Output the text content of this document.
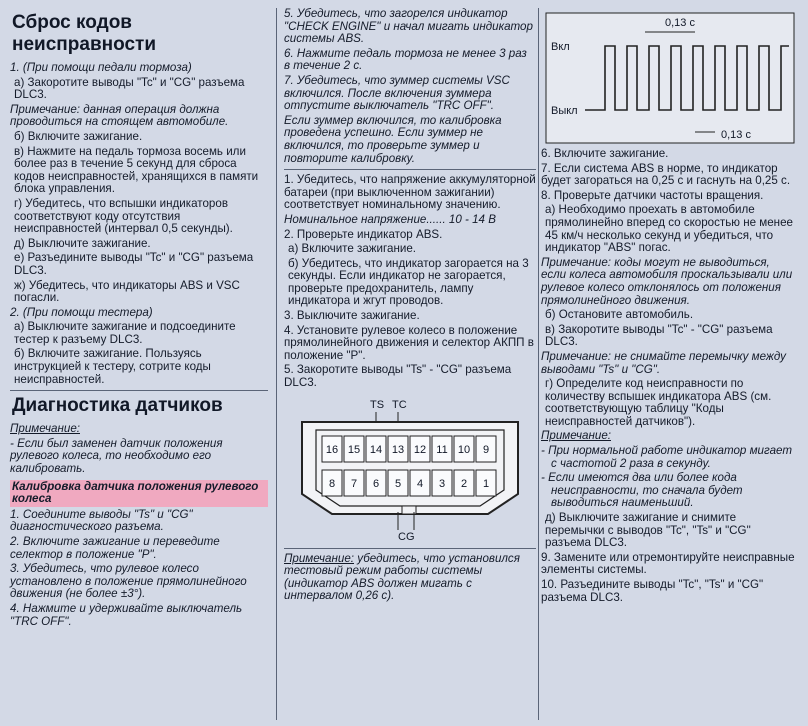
Сброс кодов неисправности

1. (При помощи педали тормоза)

а) Закоротите выводы "Tc" и "CG" разъема DLC3.

Примечание: данная операция должна проводиться на стоящем автомобиле.

б) Включите зажигание.

в) Нажмите на педаль тормоза восемь или более раз в течение 5 секунд для сброса кодов неисправностей, хранящихся в памяти блока управления.

г) Убедитесь, что вспышки индикаторов соответствуют коду отсутствия неисправностей (интервал 0,5 секунды).

д) Выключите зажигание.

е) Разъедините выводы "Tc" и "CG" разъема DLC3.

ж) Убедитесь, что индикаторы ABS и VSC погасли.

2. (При помощи тестера)

а) Выключите зажигание и подсоедините тестер к разъему DLC3.

б) Включите зажигание. Пользуясь инструкцией к тестеру, сотрите коды неисправностей.

Диагностика датчиков

Примечание:

- Если был заменен датчик положения рулевого колеса, то необходимо его калибровать.

Калибровка датчика положения рулевого колеса

1. Соедините выводы "Ts" и "CG" диагностического разъема.

2. Включите зажигание и переведите селектор в положение "P".

3. Убедитесь, что рулевое колесо установлено в положение прямолинейного движения (не более ±3°).

4. Нажмите и удерживайте выключатель "TRC OFF".

5. Убедитесь, что загорелся индикатор "CHECK ENGINE" и начал мигать индикатор системы ABS.

6. Нажмите педаль тормоза не менее 3 раз в течение 2 с.

7. Убедитесь, что зуммер системы VSC включился. После включения зуммера отпустите выключатель "TRC OFF".

Если зуммер включился, то калибровка проведена успешно. Если зуммер не включился, то проверьте зуммер и повторите калибровку.

1. Убедитесь, что напряжение аккумуляторной батареи (при выключенном зажигании) соответствует номинальному значению.

Номинальное напряжение...... 10 - 14 В

2. Проверьте индикатор ABS.

а) Включите зажигание.

б) Убедитесь, что индикатор загорается на 3 секунды. Если индикатор не загорается, проверьте предохранитель, лампу индикатора и жгут проводов.

3. Выключите зажигание.

4. Установите рулевое колесо в положение прямолинейного движения и селектор АКПП в положение "P".

5. Закоротите выводы "Ts" - "CG" разъема DLC3.

TS TC
16 15 14 13 12 11 10 9
8 7 6 5 4 3 2 1
CG

Примечание: убедитесь, что установился тестовый режим работы системы (индикатор ABS должен мигать с интервалом 0,26 с).

Вкл
Выкл
0,13 с
0,13 с

6. Включите зажигание.

7. Если система ABS в норме, то индикатор будет загораться на 0,25 с и гаснуть на 0,25 с.

8. Проверьте датчики частоты вращения.

а) Необходимо проехать в автомобиле прямолинейно вперед со скоростью не менее 45 км/ч несколько секунд и убедиться, что индикатор "ABS" погас.

Примечание: коды могут не выводиться, если колеса автомобиля проскальзывали или рулевое колесо отклонялось от положения прямолинейного движения.

б) Остановите автомобиль.

в) Закоротите выводы "Tc" - "CG" разъема DLC3.

Примечание: не снимайте перемычку между выводами "Ts" и "CG".

г) Определите код неисправности по количеству вспышек индикатора ABS (см. соответствующую таблицу "Коды неисправностей датчиков").

Примечание:

- При нормальной работе индикатор мигает с частотой 2 раза в секунду.

- Если имеются два или более кода неисправности, то сначала будет выводиться наименьший.

д) Выключите зажигание и снимите перемычки с выводов "Tc", "Ts" и "CG" разъема DLC3.

9. Замените или отремонтируйте неисправные элементы системы.

10. Разъедините выводы "Tc", "Ts" и "CG" разъема DLC3.
